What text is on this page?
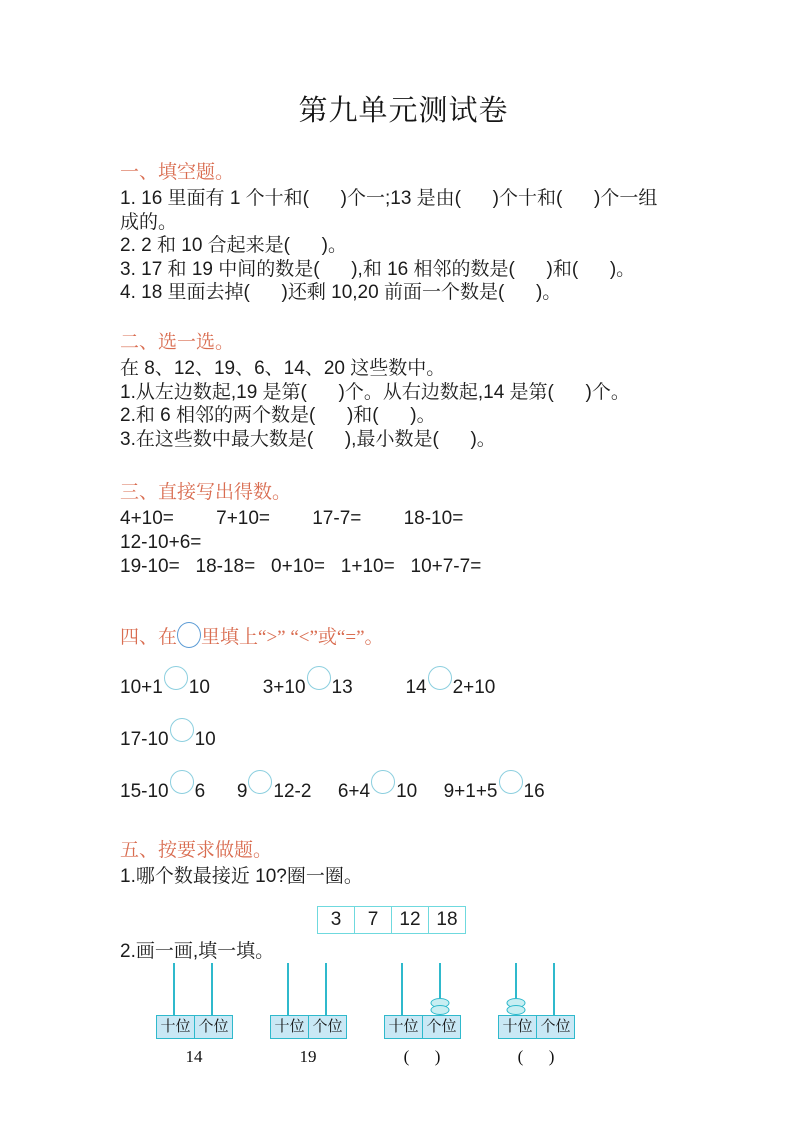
第九单元测试卷
一、填空题。
1. 16 里面有 1 个十和(      )个一;13 是由(      )个十和(      )个一组
成的。
2. 2 和 10 合起来是(      )。
3. 17 和 19 中间的数是(      ),和 16 相邻的数是(      )和(      )。
4. 18 里面去掉(      )还剩 10,20 前面一个数是(      )。
二、选一选。
在 8、12、19、6、14、20 这些数中。
1.从左边数起,19 是第(      )个。从右边数起,14 是第(      )个。
2.和 6 相邻的两个数是(      )和(      )。
3.在这些数中最大数是(      ),最小数是(      )。
三、直接写出得数。
4+10=        7+10=        17-7=        18-10=
12-10+6=
19-10=   18-18=   0+10=   1+10=   10+7-7=
四、在 里填上“>” “<”或“=”。
10+1 10          3+10 13          14 2+10
17-10 10
15-10 6      9 12-2     6+4 10     9+1+5 16
五、按要求做题。
1.哪个数最接近 10?圈一圈。
3	7	12 18
2.画一画,填一填。
十位 个位
14
十位 个位
19
十位 个位
(      )
十位 个位
(      )
